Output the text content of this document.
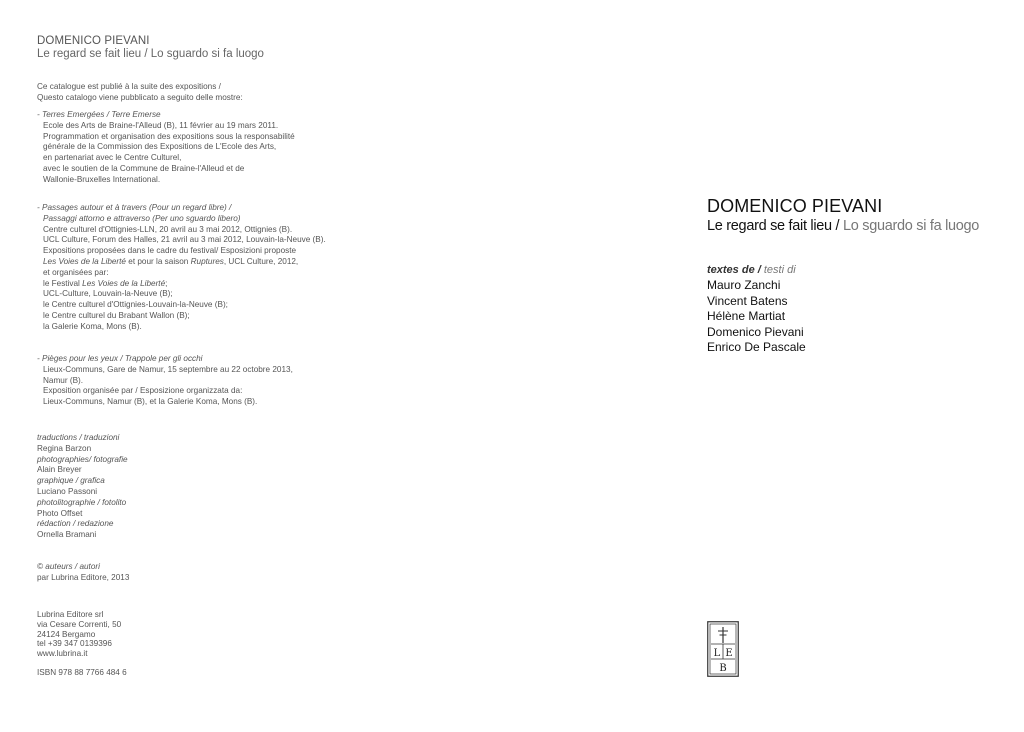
DOMENICO PIEVANI
Le regard se fait lieu / Lo sguardo si fa luogo
Ce catalogue est publié à la suite des expositions /
Questo catalogo viene pubblicato a seguito delle mostre:
- Terres Emergées / Terre Emerse
Ecole des Arts de Braine-l'Alleud (B), 11 février au 19 mars 2011.
Programmation et organisation des expositions sous la responsabilité
générale de la Commission des Expositions de L'Ecole des Arts,
en partenariat avec le Centre Culturel,
avec le soutien de la Commune de Braine-l'Alleud et de
Wallonie-Bruxelles International.
- Passages autour et à travers (Pour un regard libre) /
Passaggi attorno e attraverso (Per uno sguardo libero)
Centre culturel d'Ottignies-LLN, 20 avril au 3 mai 2012, Ottignies (B).
UCL Culture, Forum des Halles, 21 avril au 3 mai 2012, Louvain-la-Neuve (B).
Expositions proposées dans le cadre du festival/ Esposizioni proposte
Les Voies de la Liberté et pour la saison Ruptures, UCL Culture, 2012,
et organisées par:
le Festival Les Voies de la Liberté;
UCL-Culture, Louvain-la-Neuve (B);
le Centre culturel d'Ottignies-Louvain-la-Neuve (B);
le Centre culturel du Brabant Wallon (B);
la Galerie Koma, Mons (B).
- Pièges pour les yeux / Trappole per gli occhi
Lieux-Communs, Gare de Namur, 15 septembre au 22 octobre 2013,
Namur (B).
Exposition organisée par / Esposizione organizzata da:
Lieux-Communs, Namur (B), et la Galerie Koma, Mons (B).
traductions / traduzioni
Regina Barzon
photographies/ fotografie
Alain Breyer
graphique / grafica
Luciano Passoni
photolitographie / fotolito
Photo Offset
rédaction / redazione
Ornella Bramani
© auteurs / autori
par Lubrina Editore, 2013
Lubrina Editore srl
via Cesare Correnti, 50
24124 Bergamo
tel +39 347 0139396
www.lubrina.it
ISBN 978 88 7766 484 6
DOMENICO PIEVANI
Le regard se fait lieu / Lo sguardo si fa luogo
textes de / testi di
Mauro Zanchi
Vincent Batens
Hélène Martiat
Domenico Pievani
Enrico De Pascale
L E
B
